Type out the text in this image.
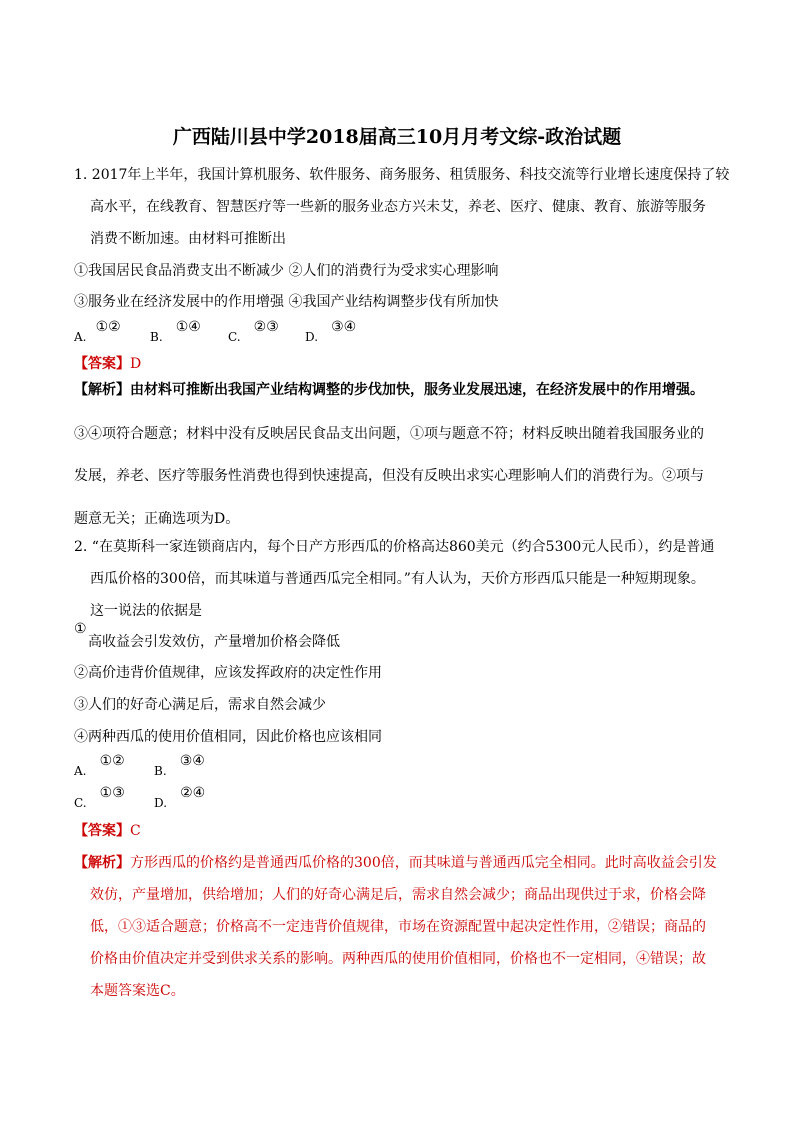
广西陆川县中学2018届高三10月月考文综-政治试题
1. 2017年上半年，我国计算机服务、软件服务、商务服务、租赁服务、科技交流等行业增长速度保持了较
高水平，在线教育、智慧医疗等一些新的服务业态方兴未艾，养老、医疗、健康、教育、旅游等服务
消费不断加速。由材料可推断出
①我国居民食品消费支出不断减少 ②人们的消费行为受求实心理影响
③服务业在经济发展中的作用增强 ④我国产业结构调整步伐有所加快
$_{A.}$ ①②
$_{B.}$ ①④
$_{C.}$ ②③
$_{D.}$ ③④
【答案】D
【解析】由材料可推断出我国产业结构调整的步伐加快，服务业发展迅速，在经济发展中的作用增强。
③④项符合题意；材料中没有反映居民食品支出问题，①项与题意不符；材料反映出随着我国服务业的
发展，养老、医疗等服务性消费也得到快速提高，但没有反映出求实心理影响人们的消费行为。②项与
题意无关；正确选项为D。
2. “在莫斯科一家连锁商店内，每个日产方形西瓜的价格高达860美元（约合5300元人民币），约是普通
西瓜价格的300倍，而其味道与普通西瓜完全相同。”有人认为，天价方形西瓜只能是一种短期现象。
这一说法的依据是
①
高收益会引发效仿，产量增加价格会降低
②高价违背价值规律，应该发挥政府的决定性作用
③人们的好奇心满足后，需求自然会减少
④两种西瓜的使用价值相同，因此价格也应该相同
$_{A.}$ ①②
$_{B.}$ ③④
$_{C.}$ ①③
$_{D.}$ ②④
【答案】C
【解析】方形西瓜的价格约是普通西瓜价格的300倍，而其味道与普通西瓜完全相同。此时高收益会引发
效仿，产量增加，供给增加；人们的好奇心满足后，需求自然会减少；商品出现供过于求，价格会降
低，①③适合题意；价格高不一定违背价值规律，市场在资源配置中起决定性作用，②错误；商品的
价格由价值决定并受到供求关系的影响。两种西瓜的使用价值相同，价格也不一定相同，④错误；故
本题答案选C。
